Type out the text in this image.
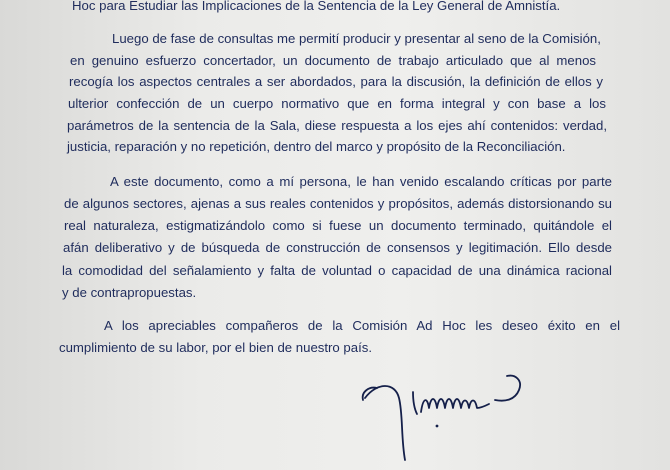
Hoc para Estudiar las Implicaciones de la Sentencia de la Ley General de Amnistía.
Luego de fase de consultas me permití producir y presentar al seno de la Comisión,
en genuino esfuerzo concertador, un documento de trabajo articulado que al menos
recogía los aspectos centrales a ser abordados, para la discusión, la definición de ellos y
ulterior confección de un cuerpo normativo que en forma integral y con base a los
parámetros de la sentencia de la Sala, diese respuesta a los ejes ahí contenidos: verdad,
justicia, reparación y no repetición, dentro del marco y propósito de la Reconciliación.
A este documento, como a mí persona, le han venido escalando críticas por parte
de algunos sectores, ajenas a sus reales contenidos y propósitos, además distorsionando su
real naturaleza, estigmatizándolo como si fuese un documento terminado, quitándole el
afán deliberativo y de búsqueda de construcción de consensos y legitimación. Ello desde
la comodidad del señalamiento y falta de voluntad o capacidad de una dinámica racional
y de contrapropuestas.
A los apreciables compañeros de la Comisión Ad Hoc les deseo éxito en el
cumplimiento de su labor, por el bien de nuestro país.
